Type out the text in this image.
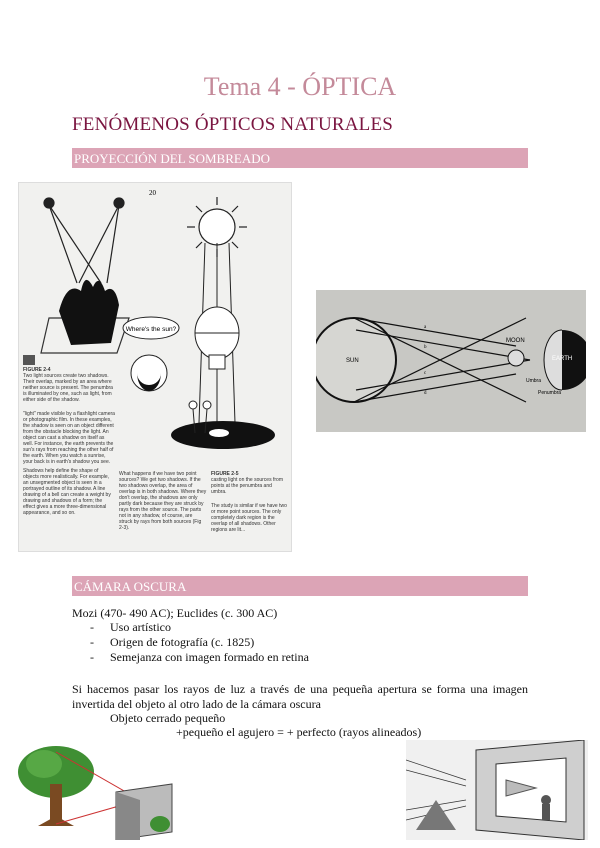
Tema 4 - ÓPTICA
FENÓMENOS ÓPTICOS NATURALES
PROYECCIÓN DEL SOMBREADO
Where's the sun?
20
FIGURE 2-4
Two light sources create two shadows. Their overlap, marked by an area where neither source is present. The penumbra is illuminated by one, such as light, from either side of the shadow.
"light" made visible by a flashlight camera or photographic film. In these examples, the shadow is seen on an object different from the obstacle blocking the light. An object can cast a shadow on itself as well. For instance, the earth prevents the sun's rays from reaching the other half of the earth. When you watch a sunrise, your back is in earth's shadow you see.
Shadows help define the shape of objects more realistically. For example, an unsegmented object is seen in a portrayed outline of its shadow. A line drawing of a bell can create a weight by drawing and shadows of a form; the effect gives a more three-dimensional appearance, and so on.
What happens if we have two point sources? We get two shadows. If the two shadows overlap, the area of overlap is in both shadows. Where they don't overlap, the shadows are only partly dark because they are struck by rays from the other source. The parts not in any shadow, of course, are struck by rays from both sources (Fig 2-3).
FIGURE 2-5
casting light on the sources from points at the penumbra and umbra.
The study is similar if we have two or more point sources. The only completely dark region is the overlap of all shadows. Other regions are lit...
SUN
MOON
EARTH
Umbra
Penumbra
a
b
c
d
CÁMARA OSCURA
Mozi (470- 490 AC); Euclides (c. 300 AC)
- Uso artístico
- Origen de fotografía (c. 1825)
- Semejanza con imagen formado en retina
Si hacemos pasar los rayos de luz a través de una pequeña apertura se forma una imagen invertida del objeto al otro lado de la cámara oscura
Objeto cerrado pequeño
+pequeño el agujero = + perfecto (rayos alineados)
